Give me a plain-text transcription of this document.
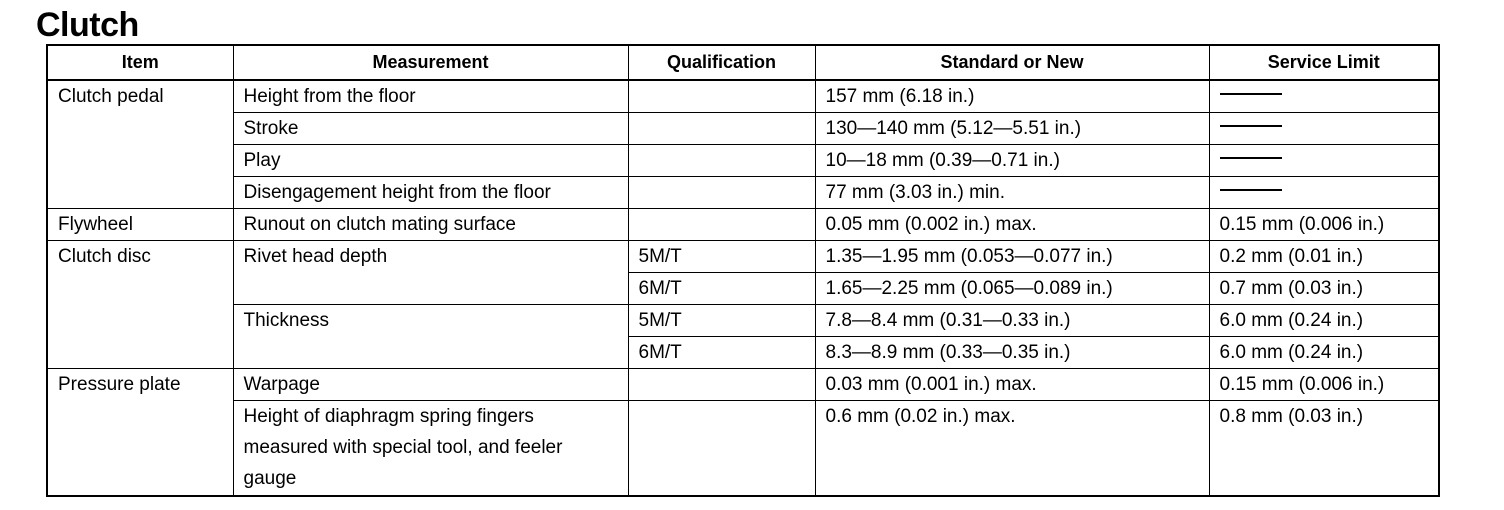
Clutch
Item	Measurement	Qualification	Standard or New	Service Limit
Clutch pedal	Height from the floor		157 mm (6.18 in.)	
	Stroke		130—140 mm (5.12—5.51 in.)	
	Play		10—18 mm (0.39—0.71 in.)	
	Disengagement height from the floor		77 mm (3.03 in.) min.	
Flywheel	Runout on clutch mating surface		0.05 mm (0.002 in.) max.	0.15 mm (0.006 in.)
Clutch disc	Rivet head depth	5M/T	1.35—1.95 mm (0.053—0.077 in.)	0.2 mm (0.01 in.)
		6M/T	1.65—2.25 mm (0.065—0.089 in.)	0.7 mm (0.03 in.)
	Thickness	5M/T	7.8—8.4 mm (0.31—0.33 in.)	6.0 mm (0.24 in.)
		6M/T	8.3—8.9 mm (0.33—0.35 in.)	6.0 mm (0.24 in.)
Pressure plate	Warpage		0.03 mm (0.001 in.) max.	0.15 mm (0.006 in.)
	Height of diaphragm spring fingers measured with special tool, and feeler gauge		0.6 mm (0.02 in.) max.	0.8 mm (0.03 in.)
